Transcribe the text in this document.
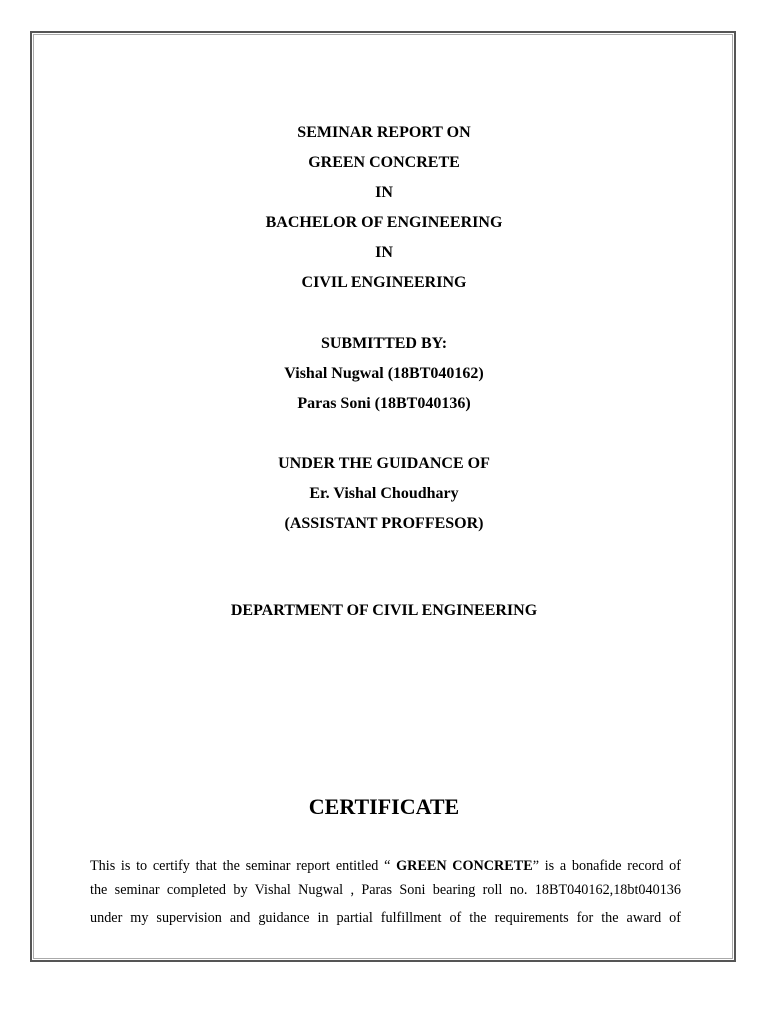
SEMINAR REPORT ON
GREEN CONCRETE
IN
BACHELOR OF ENGINEERING
IN
CIVIL ENGINEERING
SUBMITTED BY:
Vishal Nugwal (18BT040162)
Paras Soni (18BT040136)
UNDER THE GUIDANCE OF
Er. Vishal Choudhary
(ASSISTANT PROFFESOR)
DEPARTMENT OF CIVIL ENGINEERING
CERTIFICATE
This is to certify that the seminar report entitled “ GREEN CONCRETE” is a bonafide record of
the seminar completed by Vishal Nugwal , Paras Soni bearing roll no. 18BT040162,18bt040136
under my supervision and guidance in partial fulfillment of the requirements for the award of
